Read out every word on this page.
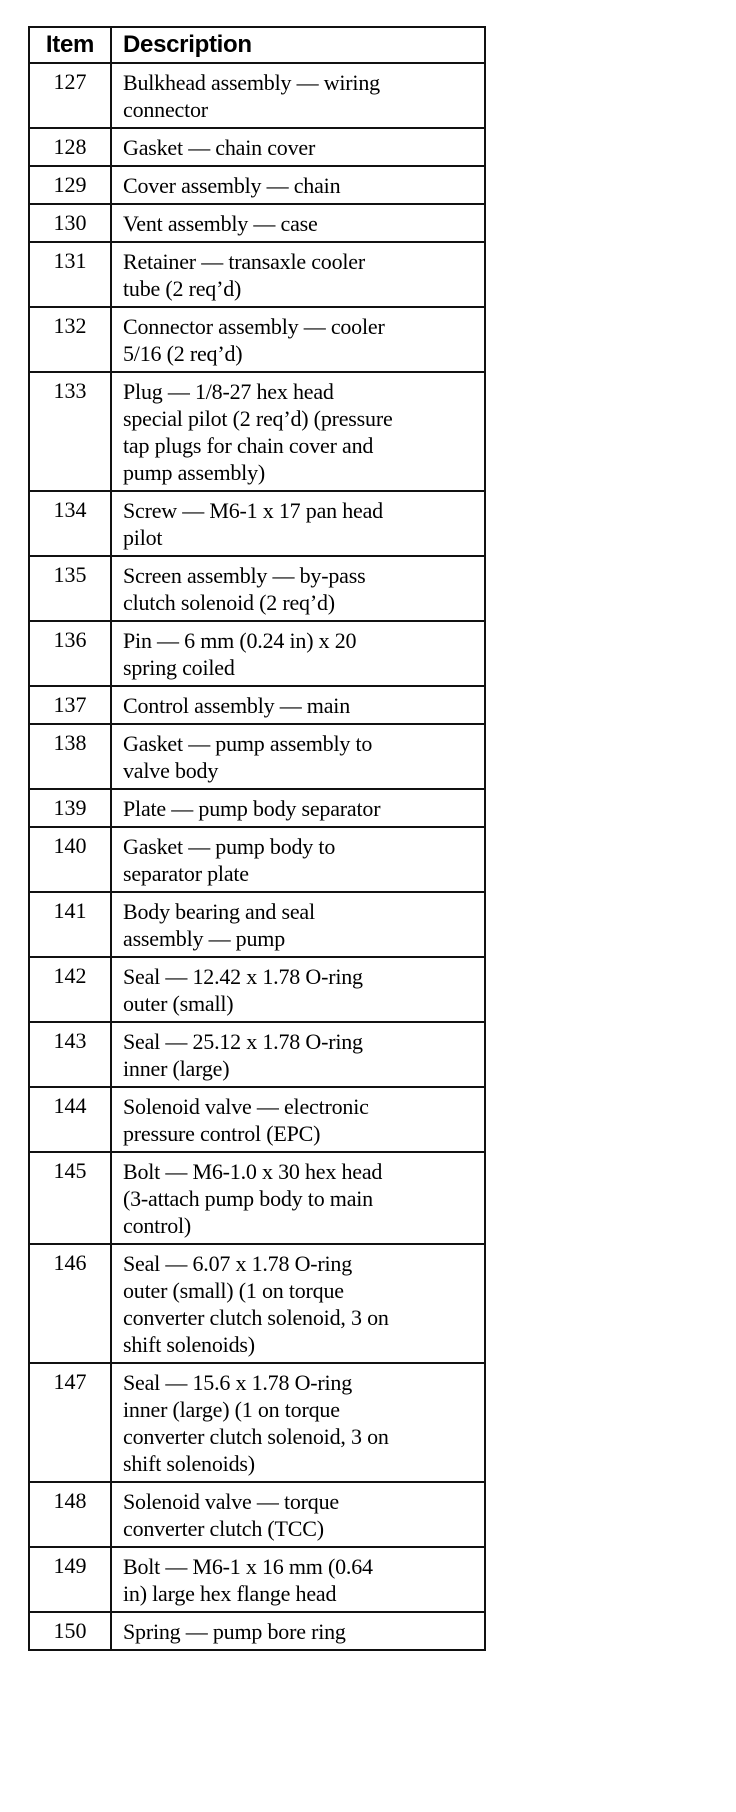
Item	Description
127	Bulkhead assembly — wiring
connector

128	Gasket — chain cover

129	Cover assembly — chain

130	Vent assembly — case

131	Retainer — transaxle cooler
tube (2 req’d)

132	Connector assembly — cooler
5/16 (2 req’d)

133	Plug — 1/8-27 hex head
special pilot (2 req’d) (pressure
tap plugs for chain cover and
pump assembly)

134	Screw — M6-1 x 17 pan head
pilot

135	Screen assembly — by-pass
clutch solenoid (2 req’d)

136	Pin — 6 mm (0.24 in) x 20
spring coiled

137	Control assembly — main

138	Gasket — pump assembly to
valve body

139	Plate — pump body separator

140	Gasket — pump body to
separator plate

141	Body bearing and seal
assembly — pump

142	Seal — 12.42 x 1.78 O-ring
outer (small)

143	Seal — 25.12 x 1.78 O-ring
inner (large)

144	Solenoid valve — electronic
pressure control (EPC)

145	Bolt — M6-1.0 x 30 hex head
(3-attach pump body to main
control)

146	Seal — 6.07 x 1.78 O-ring
outer (small) (1 on torque
converter clutch solenoid, 3 on
shift solenoids)

147	Seal — 15.6 x 1.78 O-ring
inner (large) (1 on torque
converter clutch solenoid, 3 on
shift solenoids)

148	Solenoid valve — torque
converter clutch (TCC)

149	Bolt — M6-1 x 16 mm (0.64
in) large hex flange head

150	Spring — pump bore ring
